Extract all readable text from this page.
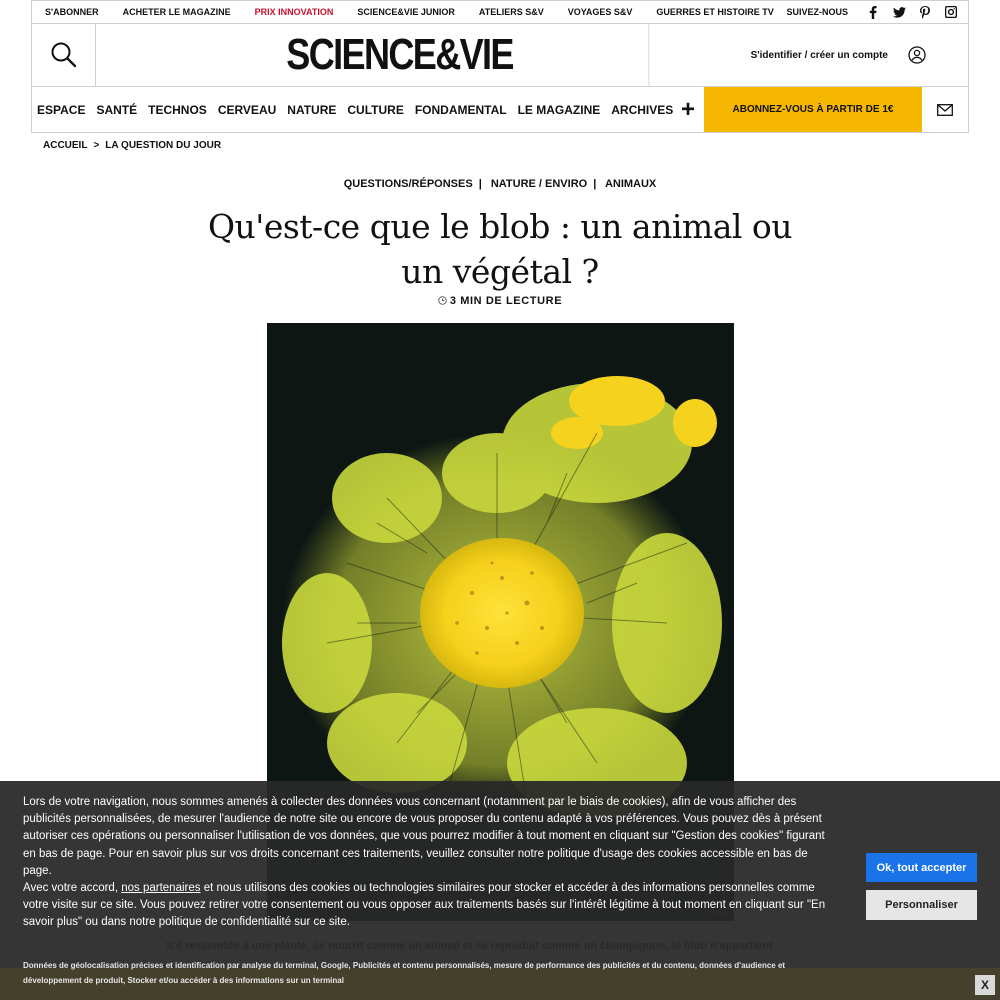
S'ABONNER	ACHETER LE MAGAZINE	PRIX INNOVATION	SCIENCE&VIE JUNIOR	ATELIERS S&V	VOYAGES S&V	GUERRES ET HISTOIRE TV SUIVEZ-NOUS
SCIENCE&VIE	S'identifier / créer un compte
ESPACE SANTÉ TECHNOS CERVEAU NATURE CULTURE FONDAMENTAL LE MAGAZINE ARCHIVES +	ABONNEZ-VOUS À PARTIR DE 1€
ACCUEIL > LA QUESTION DU JOUR
QUESTIONS/RÉPONSES | NATURE / ENVIRO | ANIMAUX
Qu'est-ce que le blob : un animal ou un végétal ?
3 MIN DE LECTURE
Lors de votre navigation, nous sommes amenés à collecter des données vous concernant (notamment par le biais de cookies), afin de vous afficher des publicités personnalisées, de mesurer l'audience de notre site ou encore de vous proposer du contenu adapté à vos préférences. Vous pouvez dès à présent autoriser ces opérations ou personnaliser l'utilisation de vos données, que vous pourrez modifier à tout moment en cliquant sur "Gestion des cookies" figurant en bas de page. Pour en savoir plus sur vos droits concernant ces traitements, veuillez consulter notre politique d'usage des cookies accessible en bas de page.
Avec votre accord, nos partenaires et nous utilisons des cookies ou technologies similaires pour stocker et accéder à des informations personnelles comme votre visite sur ce site. Vous pouvez retirer votre consentement ou vous opposer aux traitements basés sur l'intérêt légitime à tout moment en cliquant sur "En savoir plus" ou dans notre politique de confidentialité sur ce site.
Données de géolocalisation précises et identification par analyse du terminal, Google, Publicités et contenu personnalisés, mesure de performance des publicités et du contenu, données d'audience et développement de produit, Stocker et/ou accéder à des informations sur un terminal
Ok, tout accepter
Personnaliser
X
